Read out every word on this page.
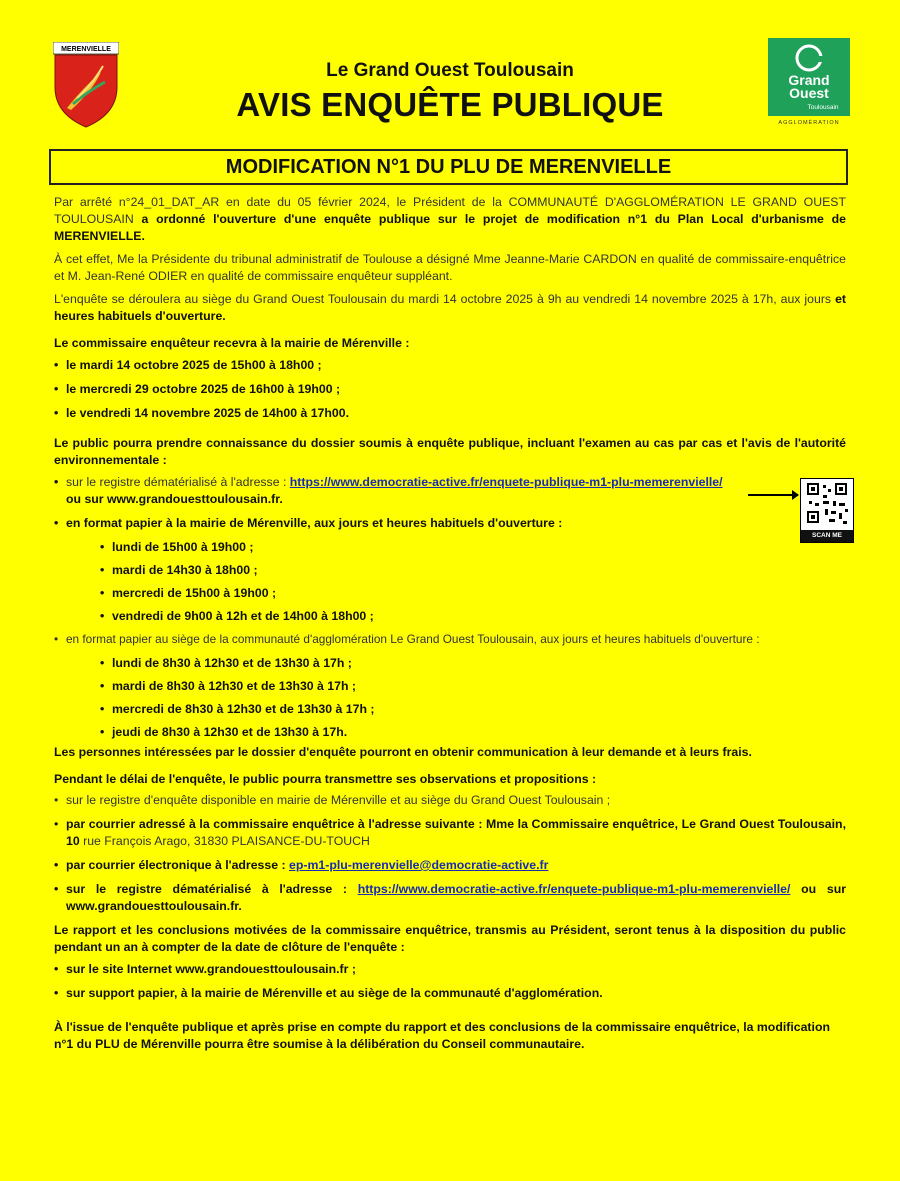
MERENVIELLE
Grand
Ouest
Toulousain
AGGLOMÉRATION

Le Grand Ouest Toulousain

AVIS ENQUÊTE PUBLIQUE

MODIFICATION N°1 DU PLU DE MERENVIELLE

Par arrêté n°24_01_DAT_AR en date du 05 février 2024, le Président de la COMMUNAUTÉ D'AGGLOMÉRATION LE GRAND OUEST TOULOUSAIN a ordonné l'ouverture d'une enquête publique sur le projet de modification n°1 du Plan Local d'urbanisme de MERENVIELLE.

À cet effet, Me la Présidente du tribunal administratif de Toulouse a désigné Mme Jeanne-Marie CARDON en qualité de commissaire-enquêtrice et M. Jean-René ODIER en qualité de commissaire enquêteur suppléant.

L'enquête se déroulera au siège du Grand Ouest Toulousain du mardi 14 octobre 2025 à 9h au vendredi 14 novembre 2025 à 17h, aux jours et heures habituels d'ouverture.

Le commissaire enquêteur recevra à la mairie de Mérenville :

• le mardi 14 octobre 2025 de 15h00 à 18h00 ;
• le mercredi 29 octobre 2025 de 16h00 à 19h00 ;
• le vendredi 14 novembre 2025 de 14h00 à 17h00.

Le public pourra prendre connaissance du dossier soumis à enquête publique, incluant l'examen au cas par cas et l'avis de l'autorité environnementale :

• sur le registre dématérialisé à l'adresse : https://www.democratie-active.fr/enquete-publique-m1-plu-memerenvielle/
ou sur www.grandouesttoulousain.fr.
• en format papier à la mairie de Mérenville, aux jours et heures habituels d'ouverture :
• lundi de 15h00 à 19h00 ;
• mardi de 14h30 à 18h00 ;
• mercredi de 15h00 à 19h00 ;
• vendredi de 9h00 à 12h et de 14h00 à 18h00 ;
• en format papier au siège de la communauté d'agglomération Le Grand Ouest Toulousain, aux jours et heures habituels d'ouverture :
• lundi de 8h30 à 12h30 et de 13h30 à 17h ;
• mardi de 8h30 à 12h30 et de 13h30 à 17h ;
• mercredi de 8h30 à 12h30 et de 13h30 à 17h ;
• jeudi de 8h30 à 12h30 et de 13h30 à 17h.

Les personnes intéressées par le dossier d'enquête pourront en obtenir communication à leur demande et à leurs frais.

Pendant le délai de l'enquête, le public pourra transmettre ses observations et propositions :

• sur le registre d'enquête disponible en mairie de Mérenville et au siège du Grand Ouest Toulousain ;
• par courrier adressé à la commissaire enquêtrice à l'adresse suivante : Mme la Commissaire enquêtrice, Le Grand Ouest Toulousain, 10 rue François Arago, 31830 PLAISANCE-DU-TOUCH
• par courrier électronique à l'adresse : ep-m1-plu-merenvielle@democratie-active.fr
• sur le registre dématérialisé à l'adresse : https://www.democratie-active.fr/enquete-publique-m1-plu-memerenvielle/ ou sur www.grandouesttoulousain.fr.

Le rapport et les conclusions motivées de la commissaire enquêtrice, transmis au Président, seront tenus à la disposition du public pendant un an à compter de la date de clôture de l'enquête :

• sur le site Internet www.grandouesttoulousain.fr ;
• sur support papier, à la mairie de Mérenville et au siège de la communauté d'agglomération.

À l'issue de l'enquête publique et après prise en compte du rapport et des conclusions de la commissaire enquêtrice, la modification n°1 du PLU de Mérenville pourra être soumise à la délibération du Conseil communautaire.

SCAN ME
